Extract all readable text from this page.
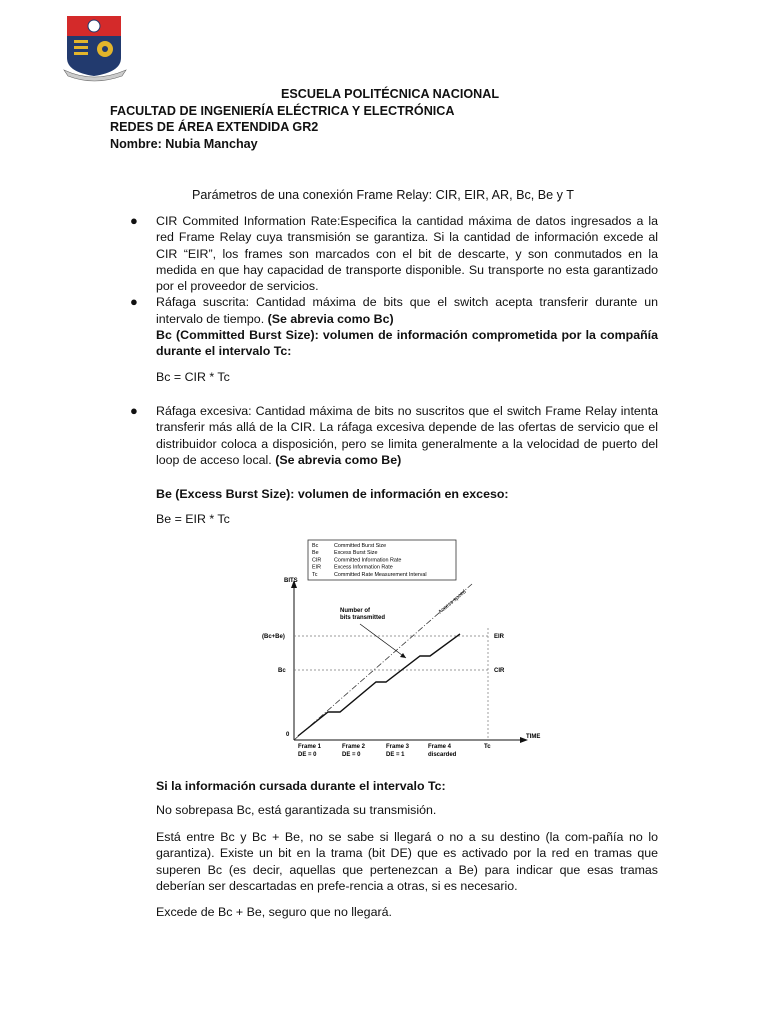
ESCUELA POLITÉCNICA NACIONAL
FACULTAD DE INGENIERÍA ELÉCTRICA Y ELECTRÓNICA
REDES DE ÁREA EXTENDIDA GR2
Nombre: Nubia Manchay
Parámetros de una conexión Frame Relay: CIR, EIR, AR, Bc, Be y T
● CIR Commited Information Rate:Especifica la cantidad máxima de datos ingresados a la red Frame Relay cuya transmisión se garantiza. Si la cantidad de información excede al CIR “EIR”, los frames son marcados con el bit de descarte, y son conmutados en la medida en que hay capacidad de transporte disponible. Su transporte no esta garantizado por el proveedor de servicios.

● Ráfaga suscrita: Cantidad máxima de bits que el switch acepta transferir durante un intervalo de tiempo. (Se abrevia como Bc)

Bc (Committed Burst Size): volumen de información comprometida por la compañía durante el intervalo Tc:

Bc = CIR * Tc

● Ráfaga excesiva: Cantidad máxima de bits no suscritos que el switch Frame Relay intenta transferir más allá de la CIR. La ráfaga excesiva depende de las ofertas de servicio que el distribuidor coloca a disposición, pero se limita generalmente a la velocidad de puerto del loop de acceso local. (Se abrevia como Be)

Be (Excess Burst Size): volumen de información en exceso:

Be = EIR * Tc

Bc	Committed Burst Size
Be	Excess Burst Size
CIR Committed Information Rate
EIR Excess Information Rate
Tc	Committed Rate Measurement Interval
BITS
TIME
(Bc+Be)
Bc
0
EIR
CIR
Access speed
Number of bits transmitted
Frame 1
DE = 0
Frame 2
DE = 0
Frame 3
DE = 1
Frame 4
discarded
Tc

Si la información cursada durante el intervalo Tc:

No sobrepasa Bc, está garantizada su transmisión.

Está entre Bc y Bc + Be, no se sabe si llegará o no a su destino (la com-pañía no lo garantiza). Existe un bit en la trama (bit DE) que es activado por la red en tramas que superen Bc (es decir, aquellas que pertenezcan a Be) para indicar que esas tramas deberían ser descartadas en prefe-rencia a otras, si es necesario.

Excede de Bc + Be, seguro que no llegará.
